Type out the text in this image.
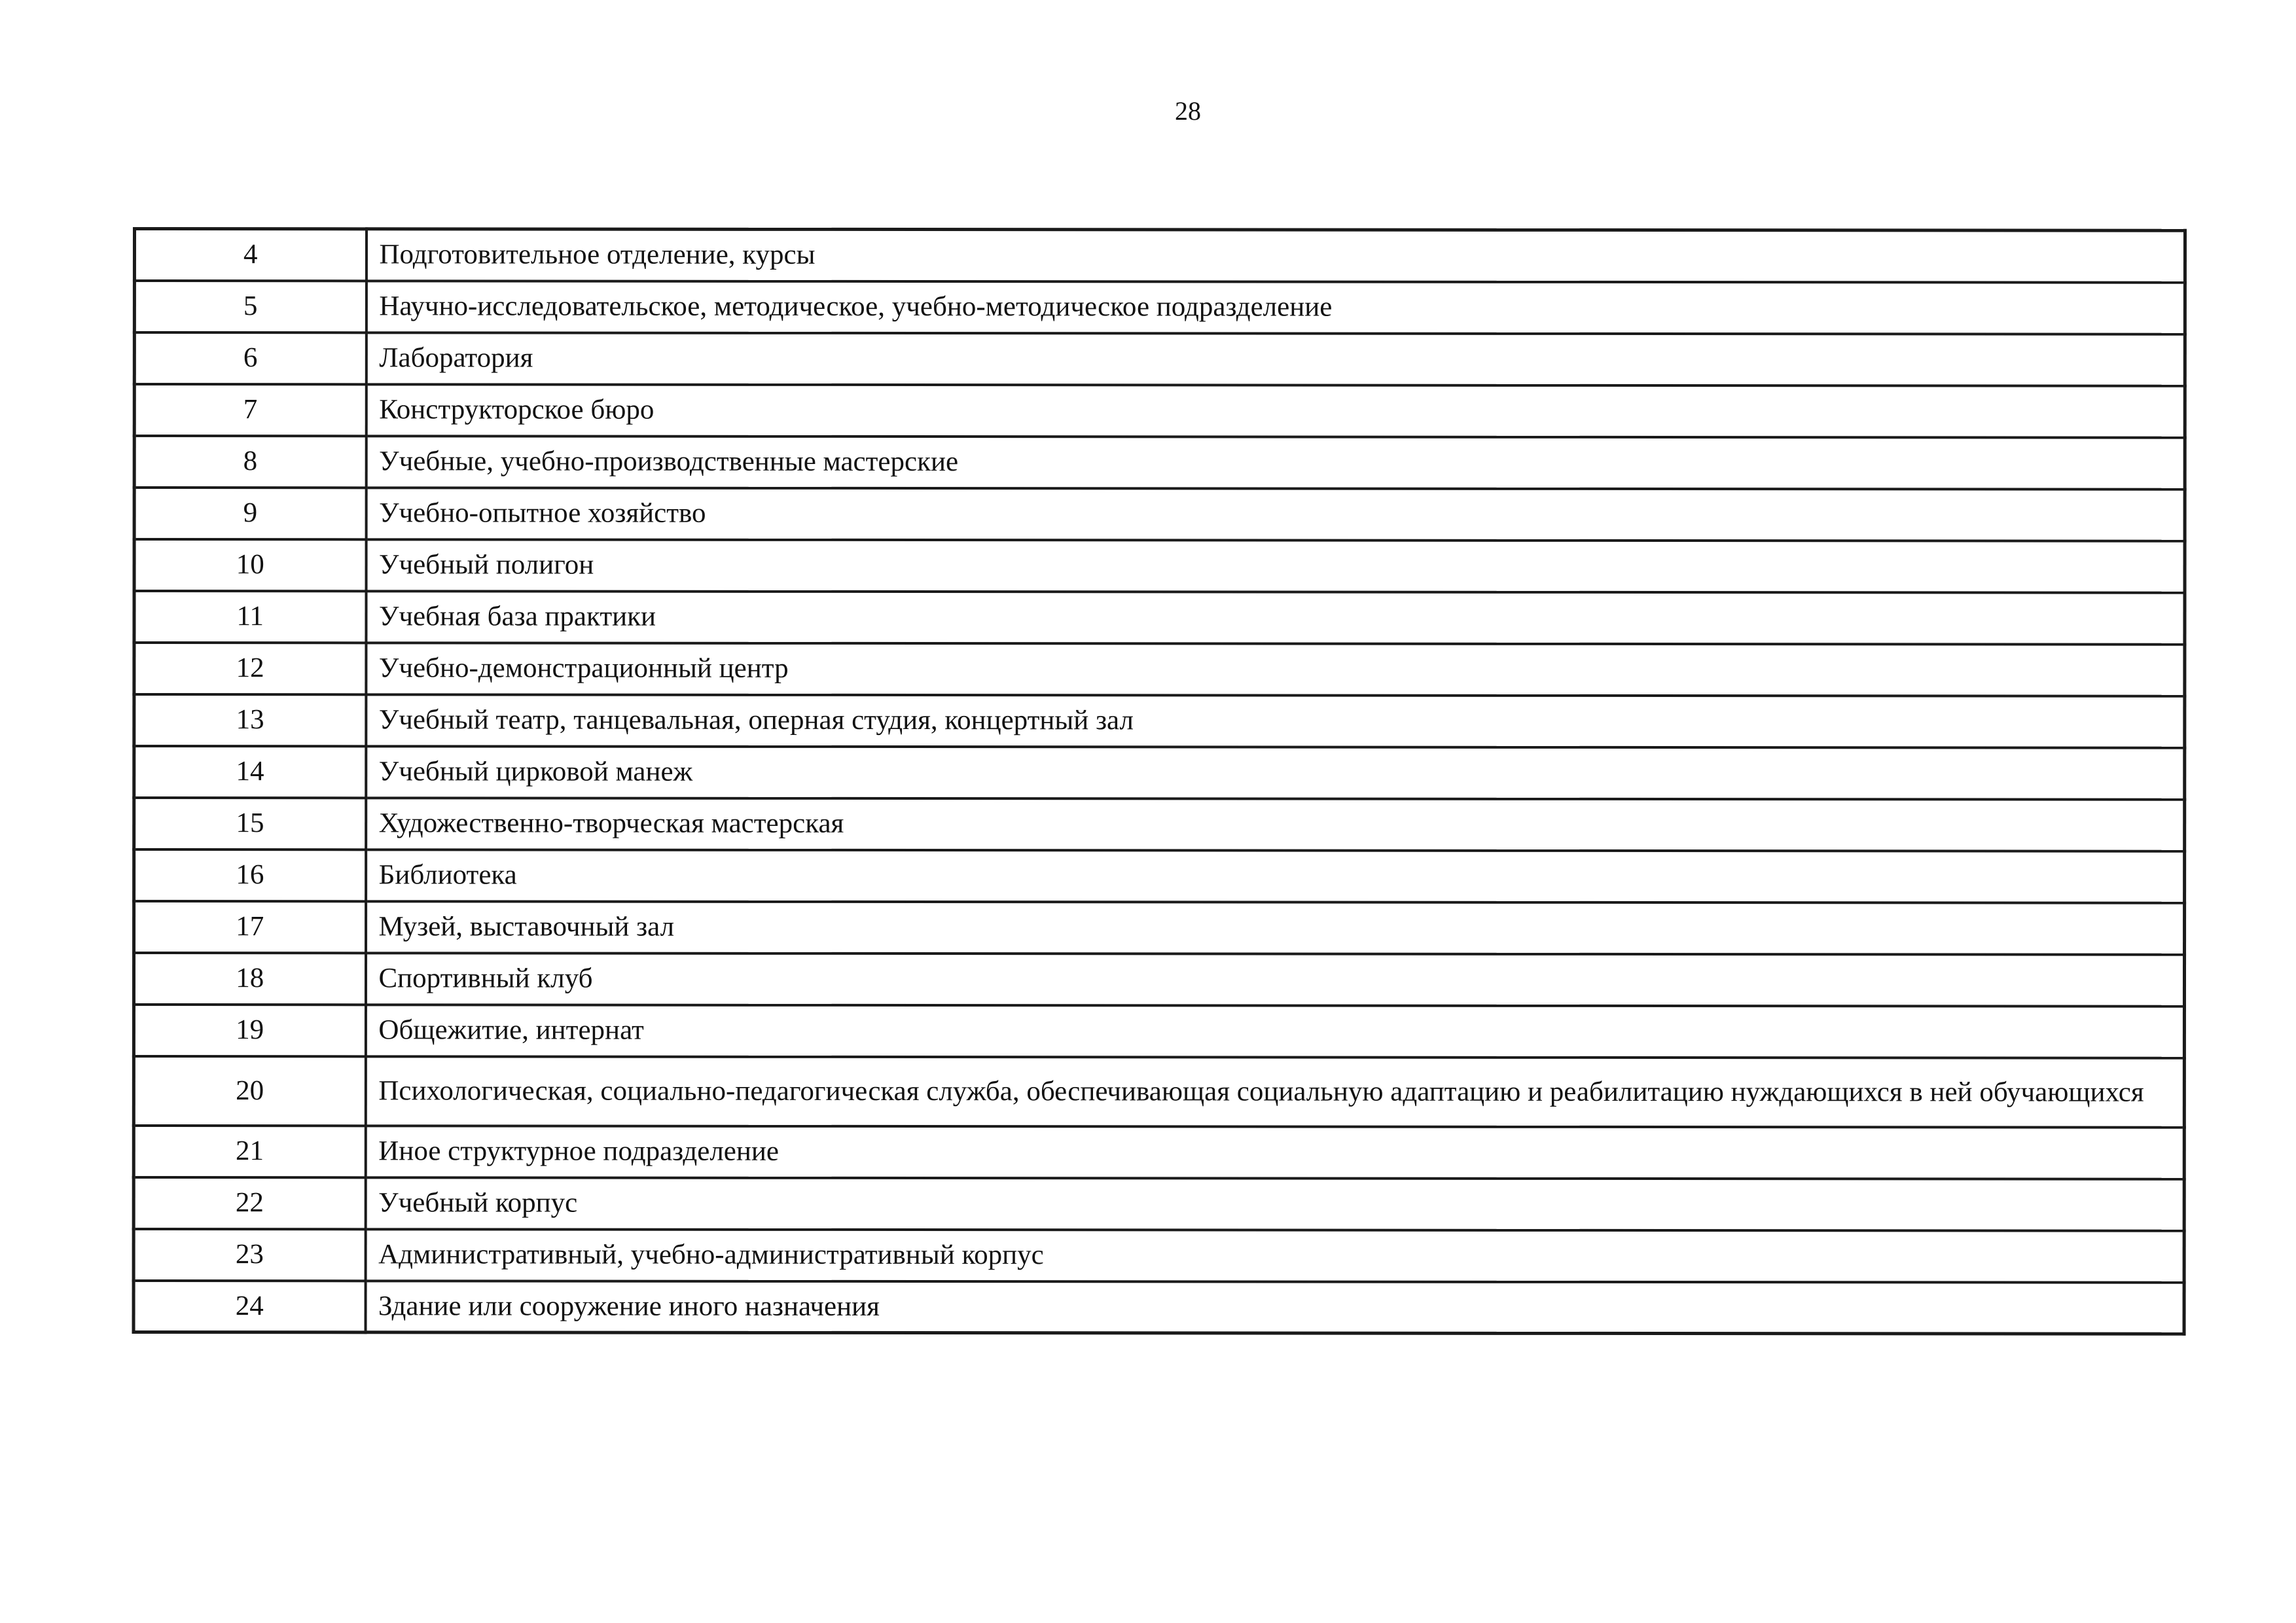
28
4	Подготовительное отделение, курсы
5	Научно-исследовательское, методическое, учебно-методическое подразделение
6	Лаборатория
7	Конструкторское бюро
8	Учебные, учебно-производственные мастерские
9	Учебно-опытное хозяйство
10	Учебный полигон
11	Учебная база практики
12	Учебно-демонстрационный центр
13	Учебный театр, танцевальная, оперная студия, концертный зал
14	Учебный цирковой манеж
15	Художественно-творческая мастерская
16	Библиотека
17	Музей, выставочный зал
18	Спортивный клуб
19	Общежитие, интернат
20	Психологическая, социально-педагогическая служба, обеспечивающая социальную адаптацию и реабилитацию нуждающихся в ней обучающихся
21	Иное структурное подразделение
22	Учебный корпус
23	Административный, учебно-административный корпус
24	Здание или сооружение иного назначения
